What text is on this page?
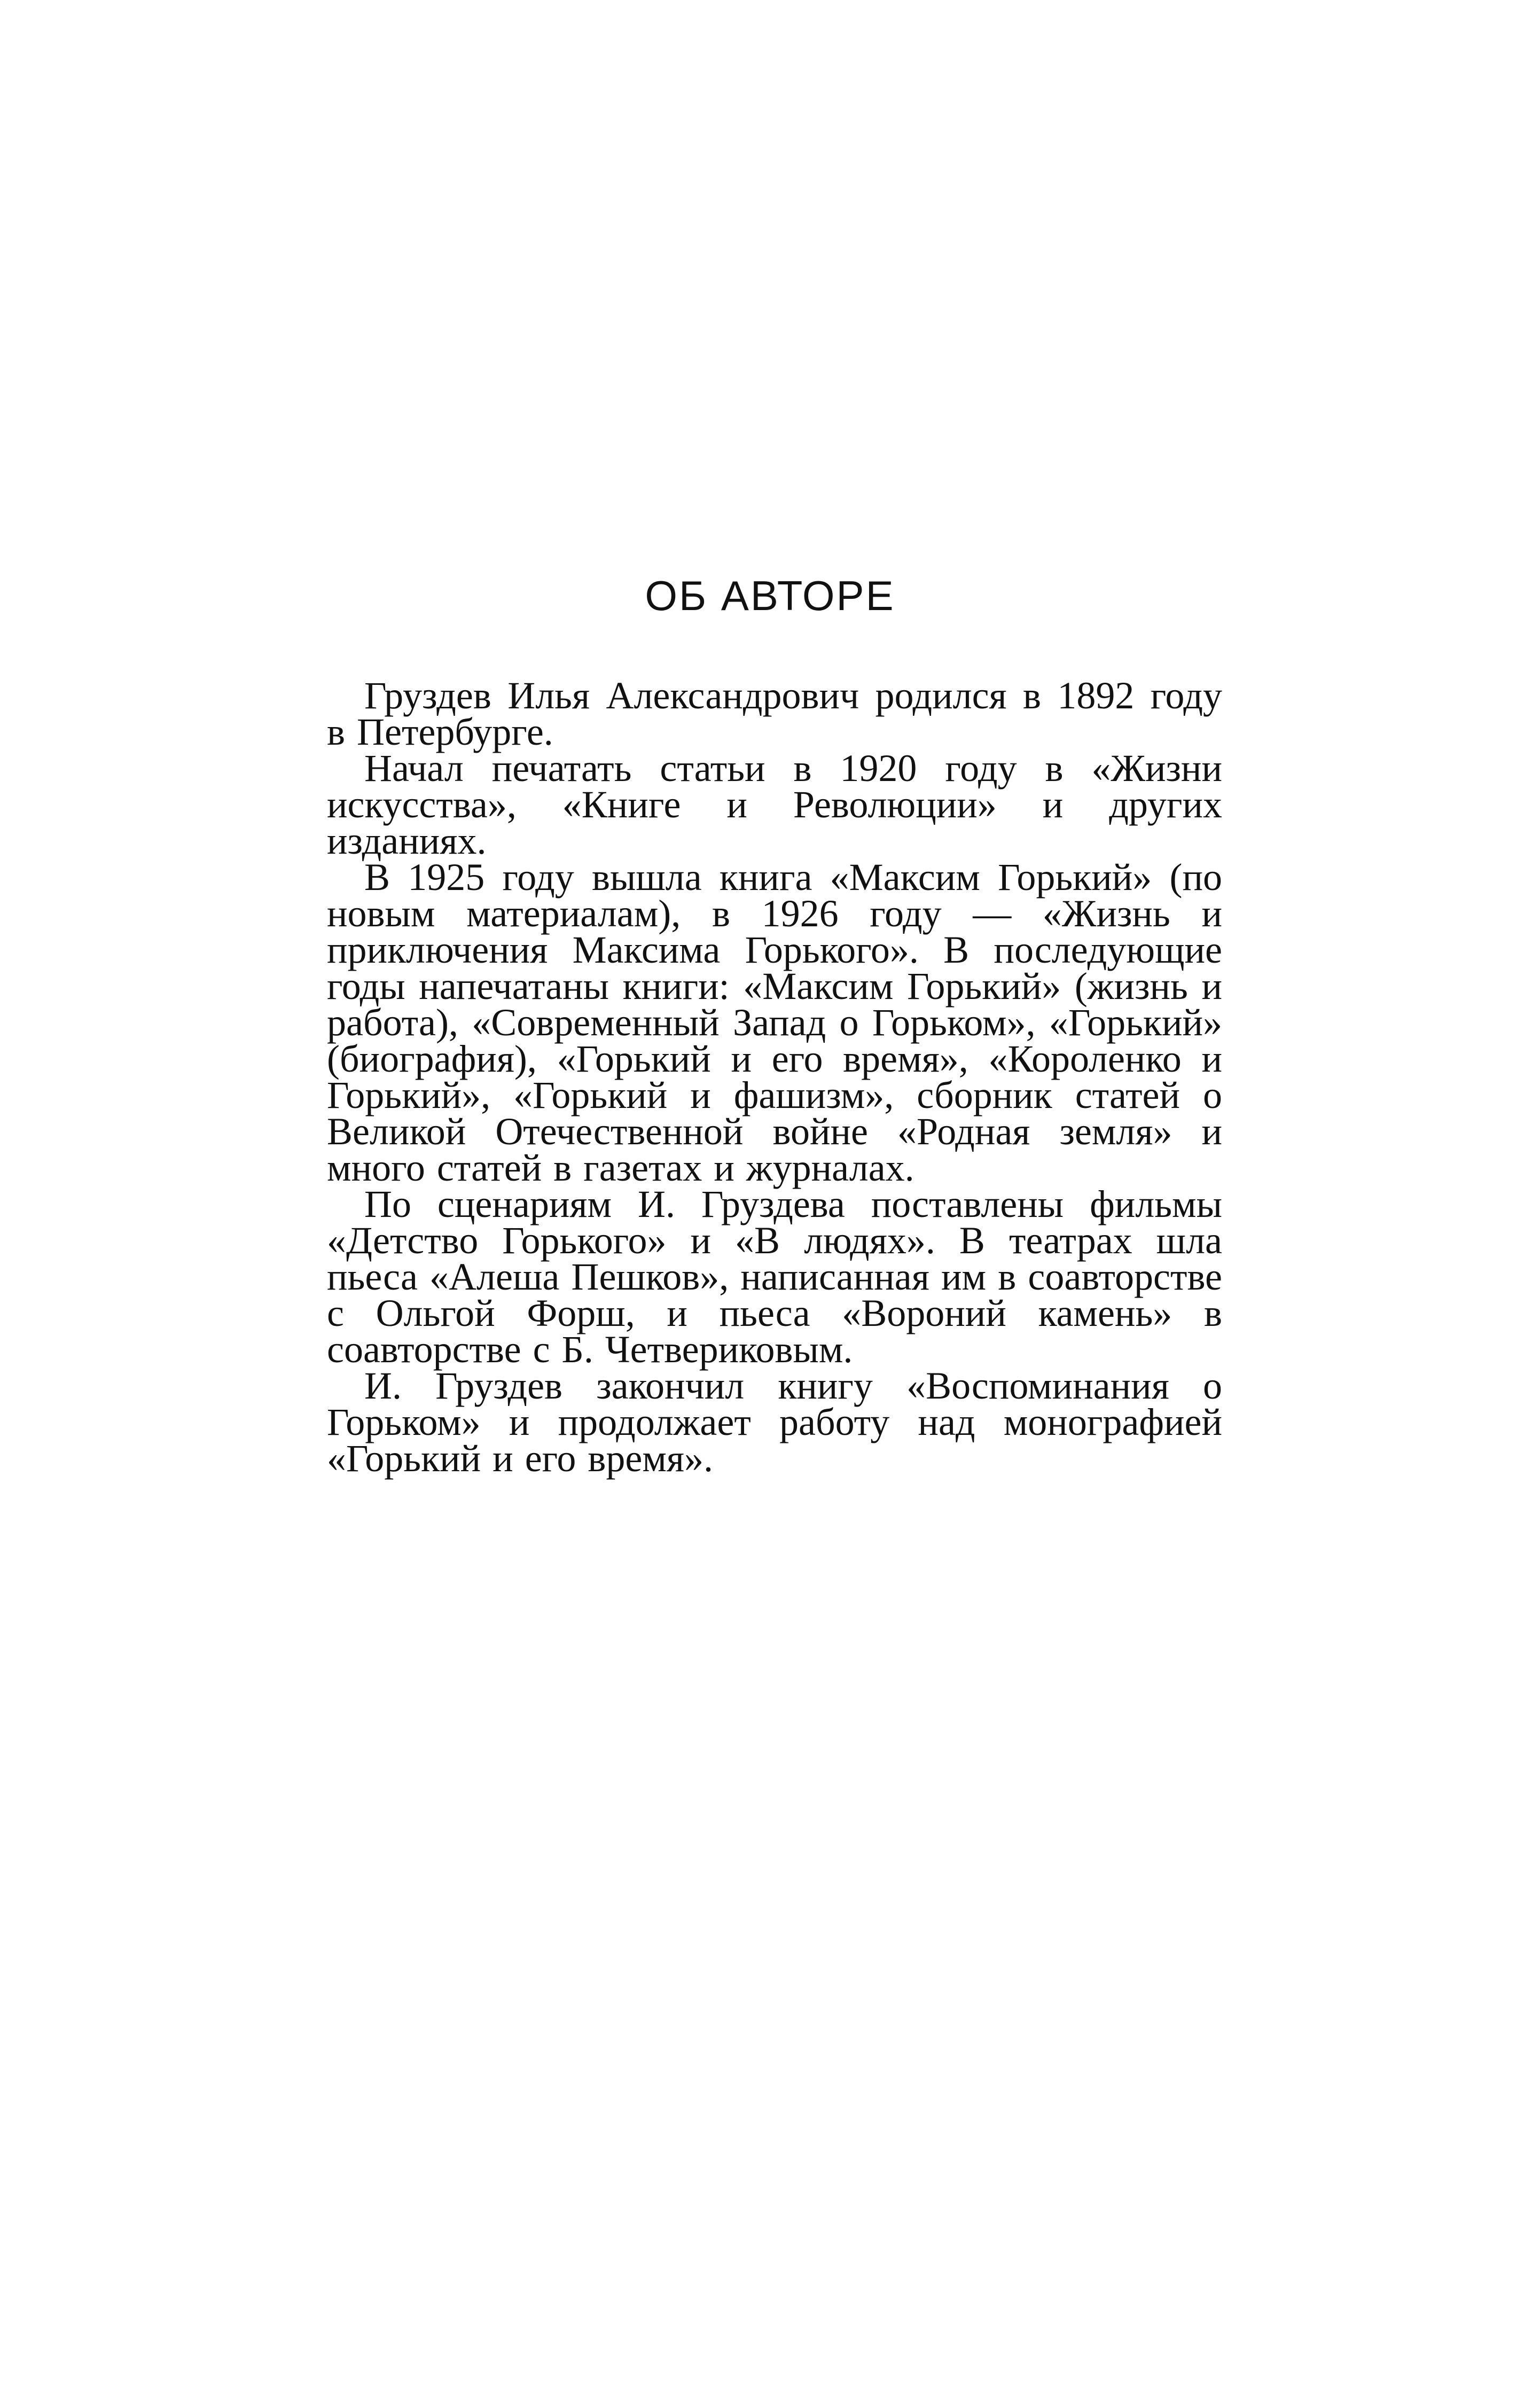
ОБ АВТОРЕ

Груздев Илья Александрович родился в 1892 году в Петербурге.

Начал печатать статьи в 1920 году в «Жизни искусства», «Книге и Революции» и других изданиях.

В 1925 году вышла книга «Максим Горький» (по новым материалам), в 1926 году — «Жизнь и приключения Максима Горького». В последующие годы напечатаны книги: «Максим Горький» (жизнь и работа), «Современный Запад о Горьком», «Горький» (биография), «Горький и его время», «Короленко и Горький», «Горький и фашизм», сборник статей о Великой Отечественной войне «Родная земля» и много статей в газетах и журналах.

По сценариям И. Груздева поставлены фильмы «Детство Горького» и «В людях». В театрах шла пьеса «Алеша Пешков», написанная им в соавторстве с Ольгой Форш, и пьеса «Вороний камень» в соавторстве с Б. Четвериковым.

И. Груздев закончил книгу «Воспоминания о Горьком» и продолжает работу над монографией «Горький и его время».
